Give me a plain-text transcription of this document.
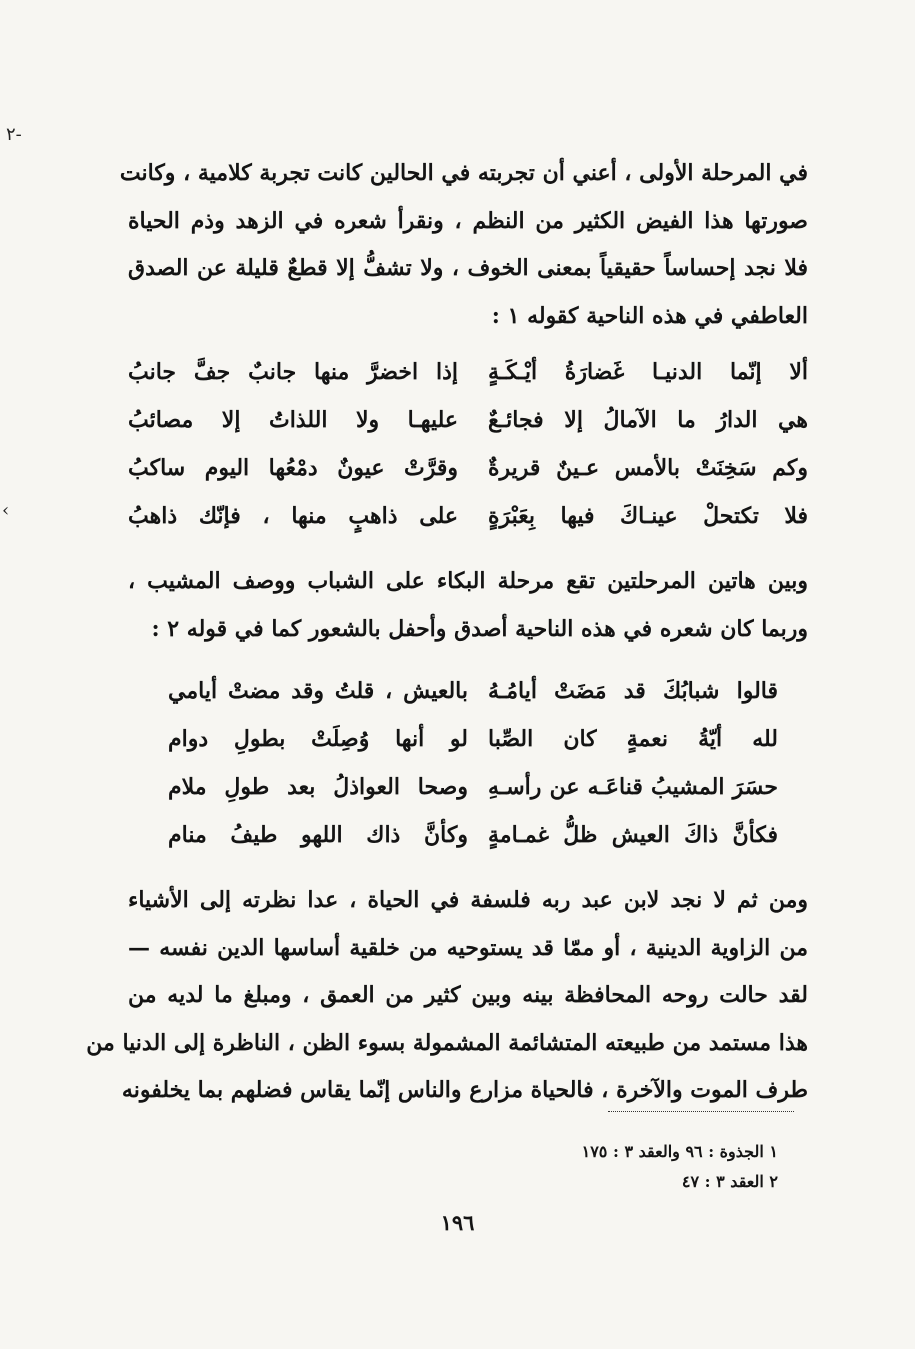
-٢
›
في المرحلة الأولى ، أعني أن تجربته في الحالين كانت تجربة كلامية ، وكانت
صورتها هذا الفيض الكثير من النظم ، ونقرأ شعره في الزهد وذم الحياة
فلا نجد إحساساً حقيقياً بمعنى الخوف ، ولا تشفُّ إلا قطعٌ قليلة عن الصدق
العاطفي في هذه الناحية كقوله ١ :
ألا إنّما الدنيـا غَضارَةُ أيْـكَـةٍ
إذا اخضرَّ منها جانبٌ جفَّ جانبُ
هي الدارُ ما الآمالُ إلا فجائـعٌ
عليهـا ولا اللذاتُ إلا مصائبُ
وكم سَخِنَتْ بالأمس عـينٌ قريرةٌ
وقرَّتْ عيونٌ دمْعُها اليوم ساكبُ
فلا تكتحلْ عينـاكَ فيها بِعَبْرَةٍ
على ذاهبٍ منها ، فإنّك ذاهبُ
وبين هاتين المرحلتين تقع مرحلة البكاء على الشباب ووصف المشيب ،
وربما كان شعره في هذه الناحية أصدق وأحفل بالشعور كما في قوله ٢ :
قالوا شبابُكَ قد مَضَتْ أيامُـهُ
بالعيش ، قلتُ وقد مضتْ أيامي
لله أيّةُ نعمةٍ كان الصِّبا
لو أنها وُصِلَتْ بطولِ دوام
حسَرَ المشيبُ قناعَـه عن رأسـهِ
وصحا العواذلُ بعد طولِ ملام
فكأنَّ ذاكَ العيش ظلُّ غمـامةٍ
وكأنَّ ذاك اللهو طيفُ منام
ومن ثم لا نجد لابن عبد ربه فلسفة في الحياة ، عدا نظرته إلى الأشياء
من الزاوية الدينية ، أو ممّا قد يستوحيه من خلقية أساسها الدين نفسه —
لقد حالت روحه المحافظة بينه وبين كثير من العمق ، ومبلغ ما لديه من
هذا مستمد من طبيعته المتشائمة المشمولة بسوء الظن ، الناظرة إلى الدنيا من
طرف الموت والآخرة ، فالحياة مزارع والناس إنّما يقاس فضلهم بما يخلفونه
١ الجذوة : ٩٦ والعقد ٣ : ١٧٥
٢ العقد ٣ : ٤٧
١٩٦
